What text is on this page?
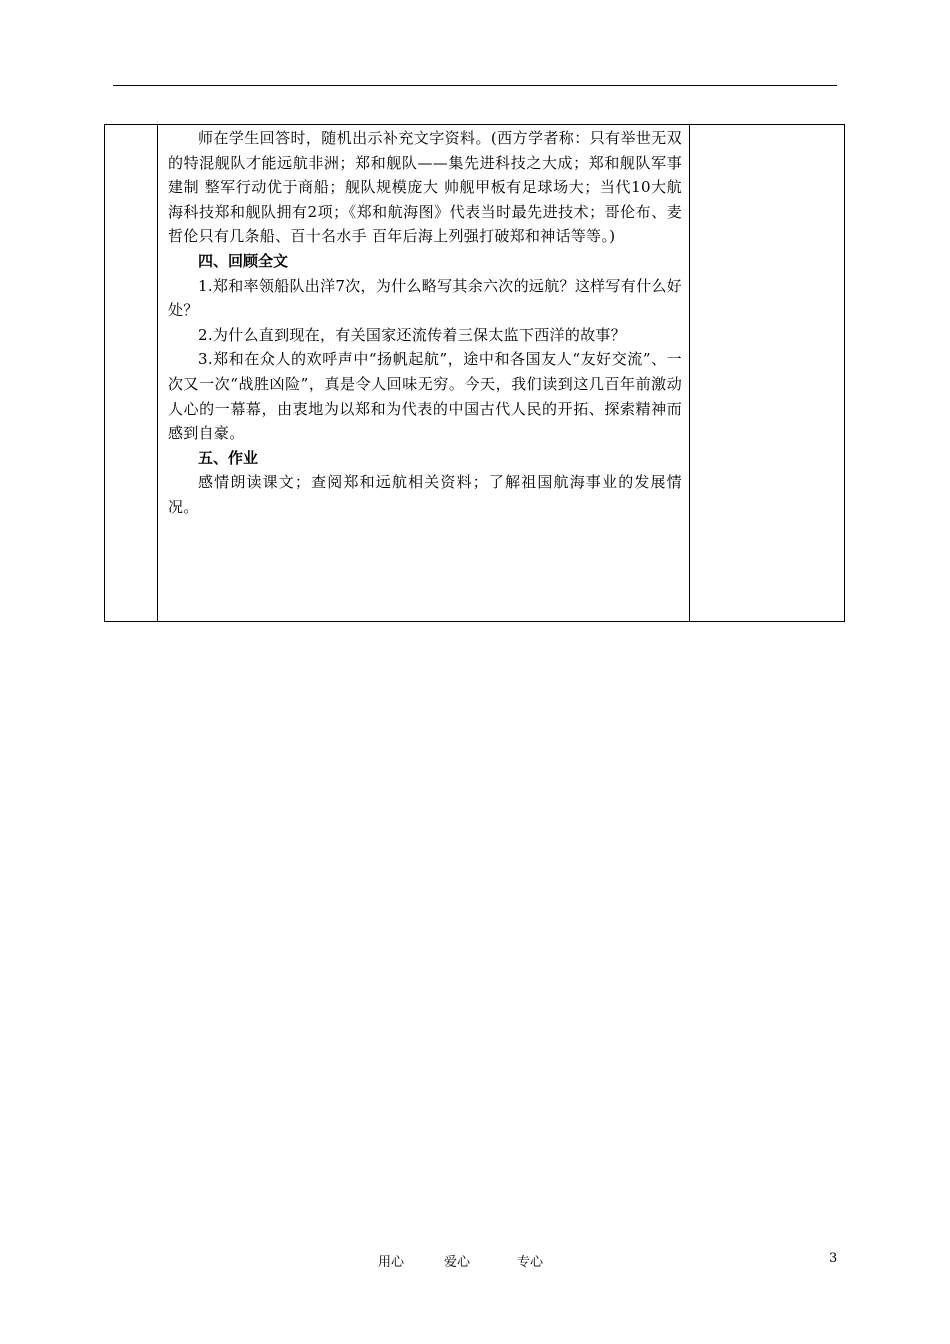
师在学生回答时，随机出示补充文字资料。(西方学者称：只有举世无双的特混舰队才能远航非洲；郑和舰队——集先进科技之大成；郑和舰队军事建制 整军行动优于商船；舰队规模庞大 帅舰甲板有足球场大；当代10大航海科技郑和舰队拥有2项；《郑和航海图》代表当时最先进技术；哥伦布、麦哲伦只有几条船、百十名水手 百年后海上列强打破郑和神话等等。)

四、回顾全文

1.郑和率领船队出洋7次，为什么略写其余六次的远航？这样写有什么好处？

2.为什么直到现在，有关国家还流传着三保太监下西洋的故事？

3.郑和在众人的欢呼声中“扬帆起航”，途中和各国友人“友好交流”、一次又一次“战胜凶险”，真是令人回味无穷。今天，我们读到这几百年前激动人心的一幕幕，由衷地为以郑和为代表的中国古代人民的开拓、探索精神而感到自豪。

五、作业

感情朗读课文；查阅郑和远航相关资料；了解祖国航海事业的发展情况。

用心	爱心	专心	3
